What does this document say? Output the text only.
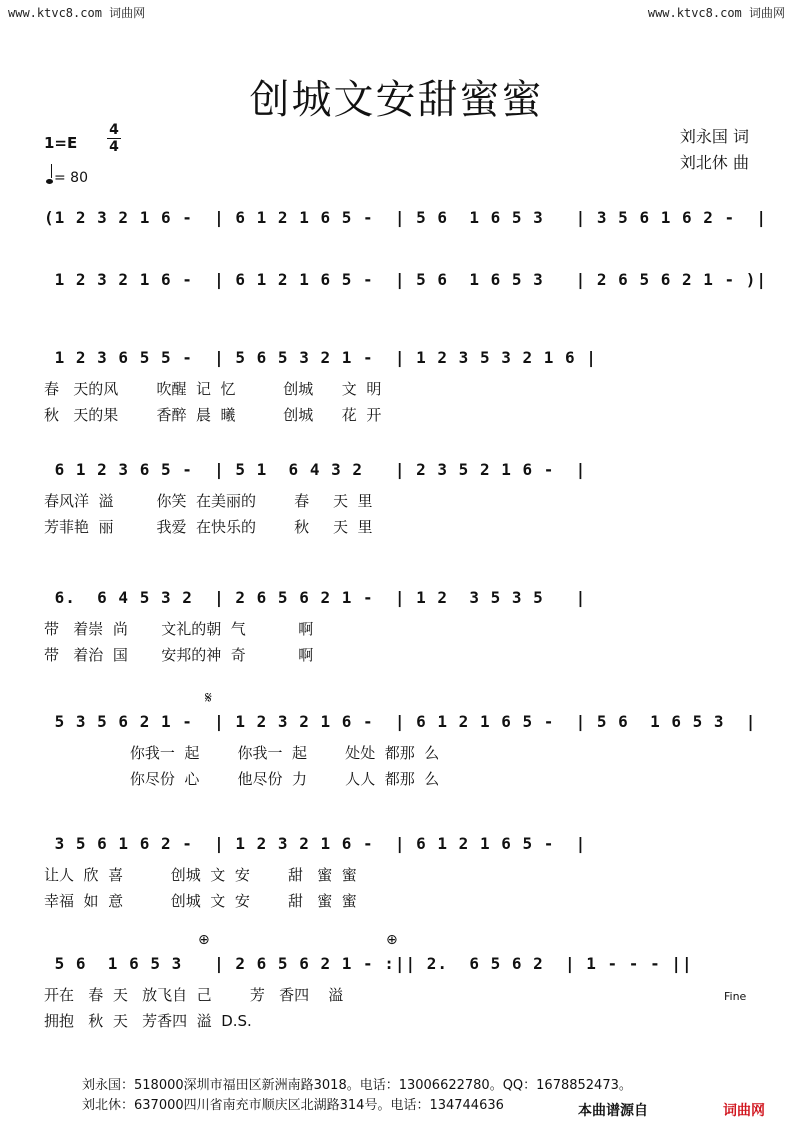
www.ktvc8.com 词曲网	www.ktvc8.com 词曲网
创城文安甜蜜蜜
1=E
4
4
= 80
刘永国 词
刘北休 曲
(1 2 3 2 1 6 -  | 6 1 2 1 6 5 -  | 5 6  1 6 5 3   | 3 5 6 1 6 2 -  |
1 2 3 2 1 6 -  | 6 1 2 1 6 5 -  | 5 6  1 6 5 3   | 2 6 5 6 2 1 - )|
1 2 3 6 5 5 -  | 5 6 5 3 2 1 -  | 1 2 3 5 3 2 1 6 |
春   天的风        吹醒  记  忆          创城      文  明
秋   天的果        香醉  晨  曦          创城      花  开
6 1 2 3 6 5 -  | 5 1  6 4 3 2   | 2 3 5 2 1 6 -  |
春风洋  溢         你笑  在美丽的        春     天  里
芳菲艳  丽         我爱  在快乐的        秋     天  里
6.  6 4 5 3 2  | 2 6 5 6 2 1 -  | 1 2  3 5 3 5   |
带   着崇  尚       文礼的朝  气           啊
带   着治  国       安邦的神  奇           啊
5 3 5 6 2 1 -  | 1 2 3 2 1 6 -  | 6 1 2 1 6 5 -  | 5 6  1 6 5 3  |
你我一  起        你我一  起        处处  都那  么
你尽份  心        他尽份  力        人人  都那  么
3 5 6 1 6 2 -  | 1 2 3 2 1 6 -  | 6 1 2 1 6 5 -  |
让人  欣  喜          创城  文  安        甜   蜜  蜜
幸福  如  意          创城  文  安        甜   蜜  蜜
5 6  1 6 5 3   | 2 6 5 6 2 1 - :|| 2.  6 5 6 2  | 1 - - - ||
开在   春  天   放飞自  己        芳   香四    溢
拥抱   秋  天   芳香四  溢  D.S.
𝄋
⊕	⊕
Fine
刘永国：518000深圳市福田区新洲南路3018。电话：13006622780。QQ：1678852473。
刘北休：637000四川省南充市顺庆区北湖路314号。电话：134744636	本曲谱源自	词曲网
